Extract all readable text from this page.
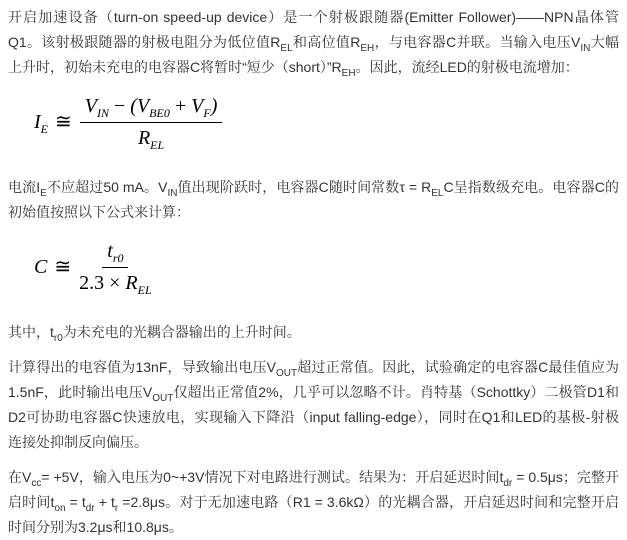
开启加速设备（turn-on speed-up device）是一个射极跟随器(Emitter Follower)——NPN晶体管Q1。该射极跟随器的射极电阻分为低位值$R_{EL}$和高位值$R_{EH}$，与电容器C并联。当输入电压$V_{IN}$大幅上升时，初始未充电的电容器C将暂时“短少$(short)”R_{EH}$。因此，流经LED的射极电流增加：

$I_E$ ≅ $\frac{V_{IN} - (V_{BE0} + V_F)}{R_{EL}}$

电流$I_E$不应超过50 mA。$V_{IN}$值出现阶跃时，电容器C随时间常数$\tau = R_{EL}C$呈指数级充电。电容器C的初始值按照以下公式来计算：

C ≅ $\frac{t_{r0}}{2.3 \times R_{EL}}$

其中，$t_{r0}$为未充电的光耦合器输出的上升时间。

计算得出的电容值为13nF，导致输出电压$V_{OUT}$超过正常值。因此，试验确定的电容器C最佳值应为1.5nF，此时输出电压$V_{OUT}$仅超出正常值2%，几乎可以忽略不计。肖特基（Schottky）二极管D1和D2可协助电容器C快速放电，实现输入下降沿（input falling-edge），同时在Q1和LED的基极-射极连接处抑制反向偏压。

在$V_{cc}= +5V$，输入电压为0~+3V情况下对电路进行测试。结果为：开启延迟时间$t_{dr} = 0.5\mu s$；完整开启时间$t_{on} = t_{dr} + t_r =2.8\mu s$。对于无加速电路（R1 = 3.6kΩ）的光耦合器，开启延迟时间和完整开启时间分别为3.2μs和10.8μs。
